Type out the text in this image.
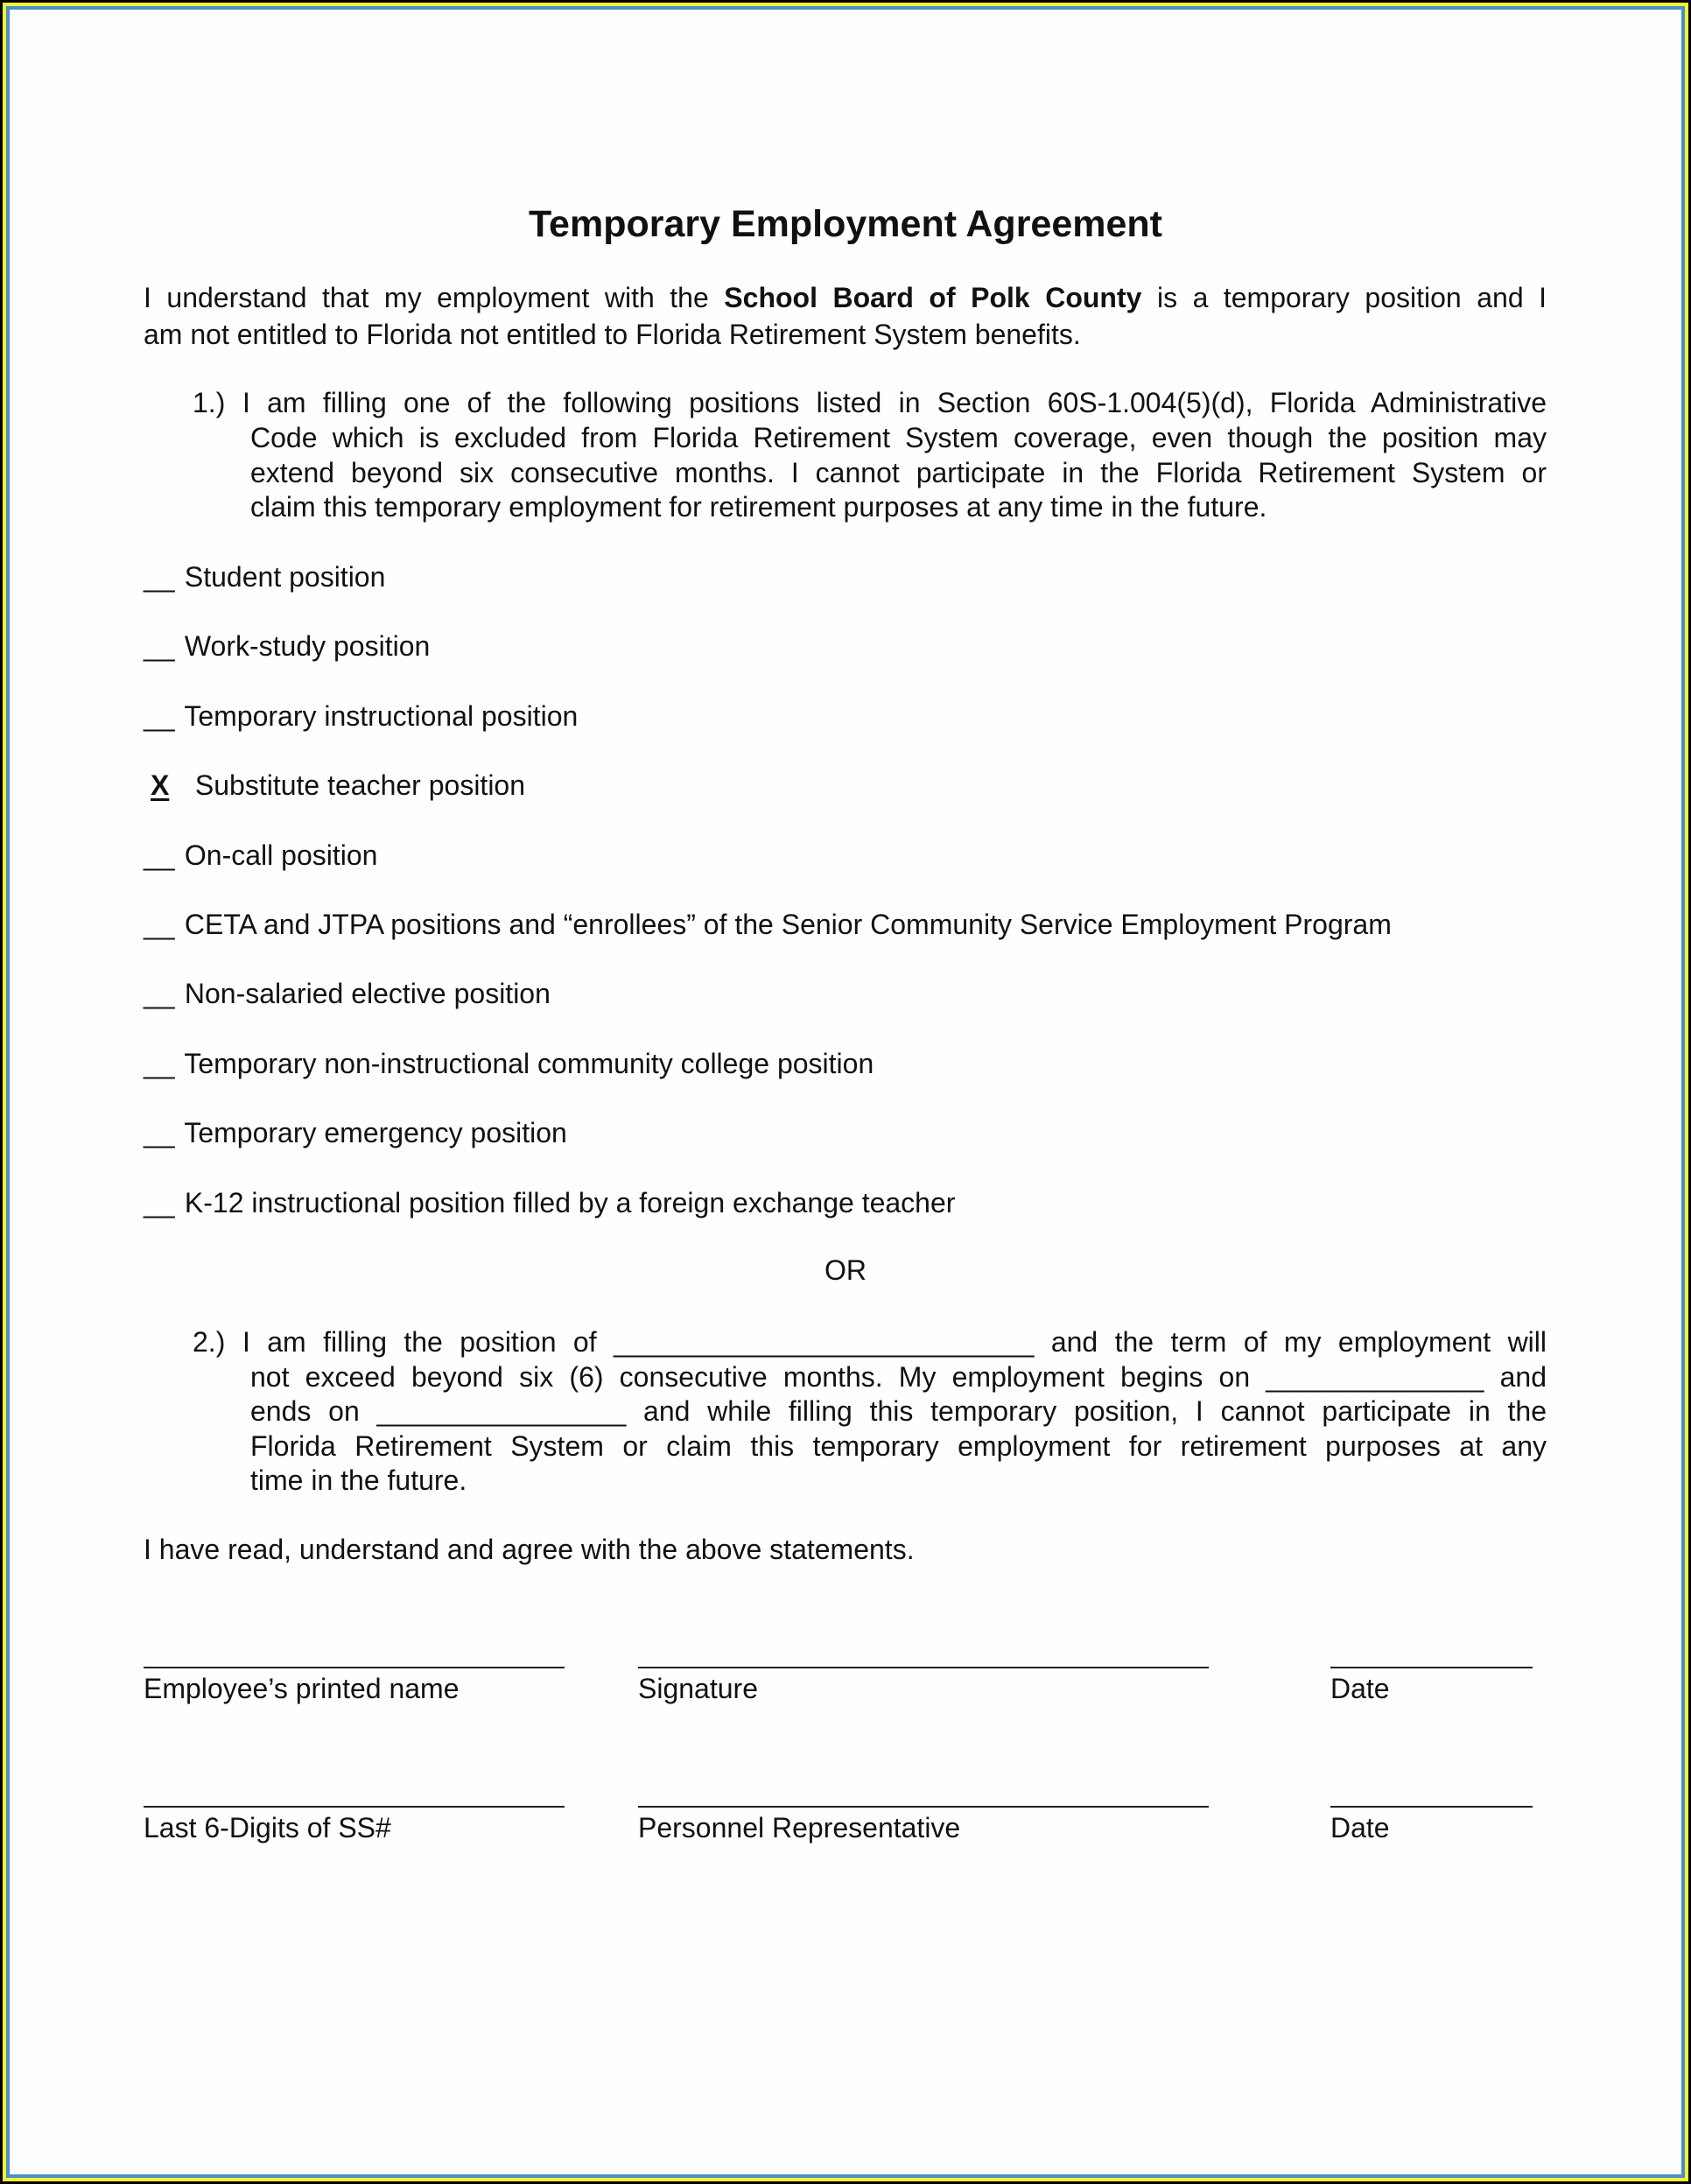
Temporary Employment Agreement
I understand that my employment with the School Board of Polk County is a temporary position and I
am not entitled to Florida not entitled to Florida Retirement System benefits.
1.) I am filling one of the following positions listed in Section 60S-1.004(5)(d), Florida Administrative
Code which is excluded from Florida Retirement System coverage, even though the position may
extend beyond six consecutive months. I cannot participate in the Florida Retirement System or
claim this temporary employment for retirement purposes at any time in the future.
__ Student position
__ Work-study position
__ Temporary instructional position
X Substitute teacher position
__ On-call position
__ CETA and JTPA positions and “enrollees” of the Senior Community Service Employment Program
__ Non-salaried elective position
__ Temporary non-instructional community college position
__ Temporary emergency position
__ K-12 instructional position filled by a foreign exchange teacher
OR
2.) I am filling the position of ___________________________ and the term of my employment will
not exceed beyond six (6) consecutive months. My employment begins on ______________ and
ends on ________________ and while filling this temporary position, I cannot participate in the
Florida Retirement System or claim this temporary employment for retirement purposes at any
time in the future.
I have read, understand and agree with the above statements.
Employee’s printed name	Signature	Date
Last 6-Digits of SS#	Personnel Representative	Date
